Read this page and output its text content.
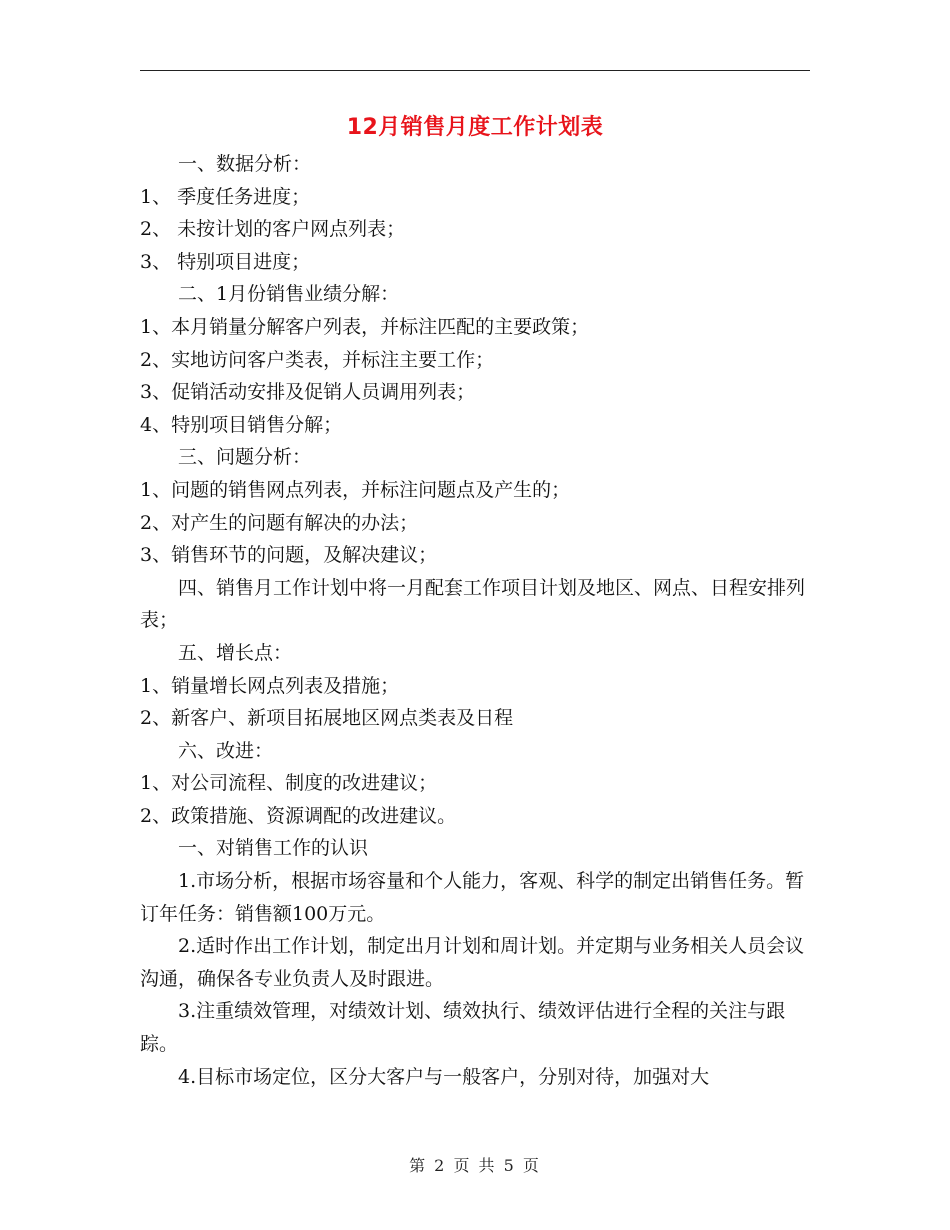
12月销售月度工作计划表

一、数据分析：

1、 季度任务进度；

2、 未按计划的客户网点列表；

3、 特别项目进度；

二、1月份销售业绩分解：

1、本月销量分解客户列表，并标注匹配的主要政策；

2、实地访问客户类表，并标注主要工作；

3、促销活动安排及促销人员调用列表；

4、特别项目销售分解；

三、问题分析：

1、问题的销售网点列表，并标注问题点及产生的；

2、对产生的问题有解决的办法；

3、销售环节的问题，及解决建议；

四、销售月工作计划中将一月配套工作项目计划及地区、网点、日程安排列表；

五、增长点：

1、销量增长网点列表及措施；

2、新客户、新项目拓展地区网点类表及日程

六、改进：

1、对公司流程、制度的改进建议；

2、政策措施、资源调配的改进建议。

一、对销售工作的认识

1.市场分析，根据市场容量和个人能力，客观、科学的制定出销售任务。暂订年任务：销售额100万元。

2.适时作出工作计划，制定出月计划和周计划。并定期与业务相关人员会议沟通，确保各专业负责人及时跟进。

3.注重绩效管理，对绩效计划、绩效执行、绩效评估进行全程的关注与跟踪。

4.目标市场定位，区分大客户与一般客户，分别对待，加强对大

第 2 页 共 5 页
